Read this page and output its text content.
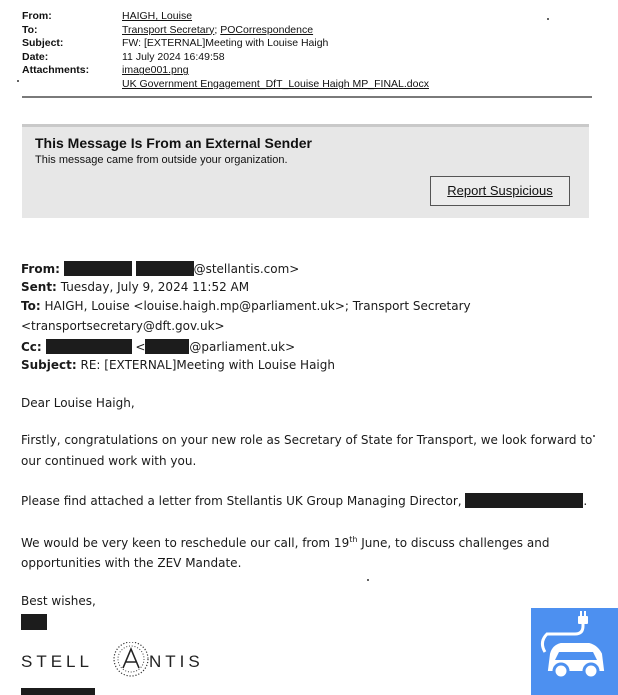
From:	HAIGH, Louise
To:	Transport Secretary; POCorrespondence
Subject:	FW: [EXTERNAL]Meeting with Louise Haigh
Date:	11 July 2024 16:49:58
Attachments:	image001.png
UK Government Engagement_DfT_Louise Haigh MP_FINAL.docx
This Message Is From an External Sender
This message came from outside your organization.
Report Suspicious
From:	@stellantis.com>
Sent: Tuesday, July 9, 2024 11:52 AM
To: HAIGH, Louise <louise.haigh.mp@parliament.uk>; Transport Secretary
<transportsecretary@dft.gov.uk>
Cc:	<	@parliament.uk>
Subject: RE: [EXTERNAL]Meeting with Louise Haigh
Dear Louise Haigh,
Firstly, congratulations on your new role as Secretary of State for Transport, we look forward to
our continued work with you.
Please find attached a letter from Stellantis UK Group Managing Director,	.
We would be very keen to reschedule our call, from 19th June, to discuss challenges and
opportunities with the ZEV Mandate.
Best wishes,
STELL	NTIS
